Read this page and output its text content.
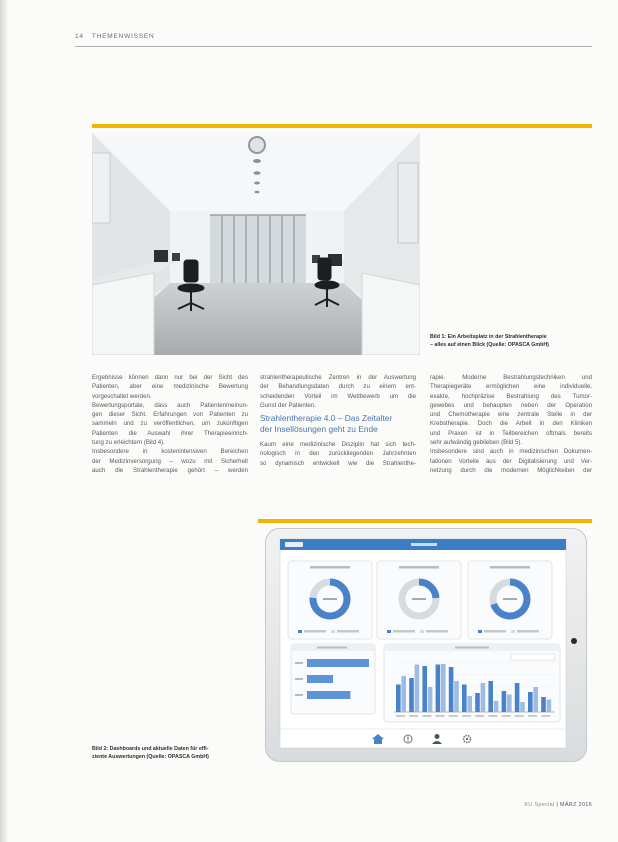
14 THEMENWISSEN
Bild 1: Ein Arbeitsplatz in der Strahlentherapie
– alles auf einen Blick (Quelle: OPASCA GmbH)
Ergebnisse können dann nur bei der Sicht des
Patienten, aber eine medizinische Bewertung
vorgeschaltet werden.
Bewertungsportale, dass auch Patientenmeinun-
gen dieser Sicht. Erfahrungen von Patienten zu
sammeln und zu veröffentlichen, um zukünftigen
Patienten die Auswahl ihrer Therapieeinrich-
tung zu erleichtern (Bild 4).
Insbesondere in kostenintensiven Bereichen
der Medizinversorgung – wozu mit Sicherheit
auch die Strahlentherapie gehört – werden
strahlentherapeutische Zentren in der Auswertung
der Behandlungsdaten durch zu einem ent-
scheidenden Vorteil im Wettbewerb um die
Gunst der Patienten.
Strahlentherapie 4.0 – Das Zeitalter
der Insellösungen geht zu Ende
Kaum eine medizinische Disziplin hat sich tech-
nologisch in den zurückliegenden Jahrzehnten
so dynamisch entwickelt wie die Strahlenthe-
rapie. Moderne Bestrahlungstechniken und
Therapiegeräte ermöglichen eine individuelle,
exakte, hochpräzise Bestrahlung des Tumor-
gewebes und behaupten neben der Operation
und Chemotherapie eine zentrale Stelle in der
Krebstherapie. Doch die Arbeit in den Kliniken
und Praxen ist in Teilbereichen oftmals bereits
sehr aufwändig geblieben (Bild 5).
Insbesondere sind auch in medizinischen Dokumen-
tationen Vorteile aus der Digitalisierung und Ver-
netzung durch die modernen Möglichkeiten der
Bild 2: Dashboards und aktuelle Daten für effi-
ziente Auswertungen (Quelle: OPASCA GmbH)
KU Special | MÄRZ 2016
